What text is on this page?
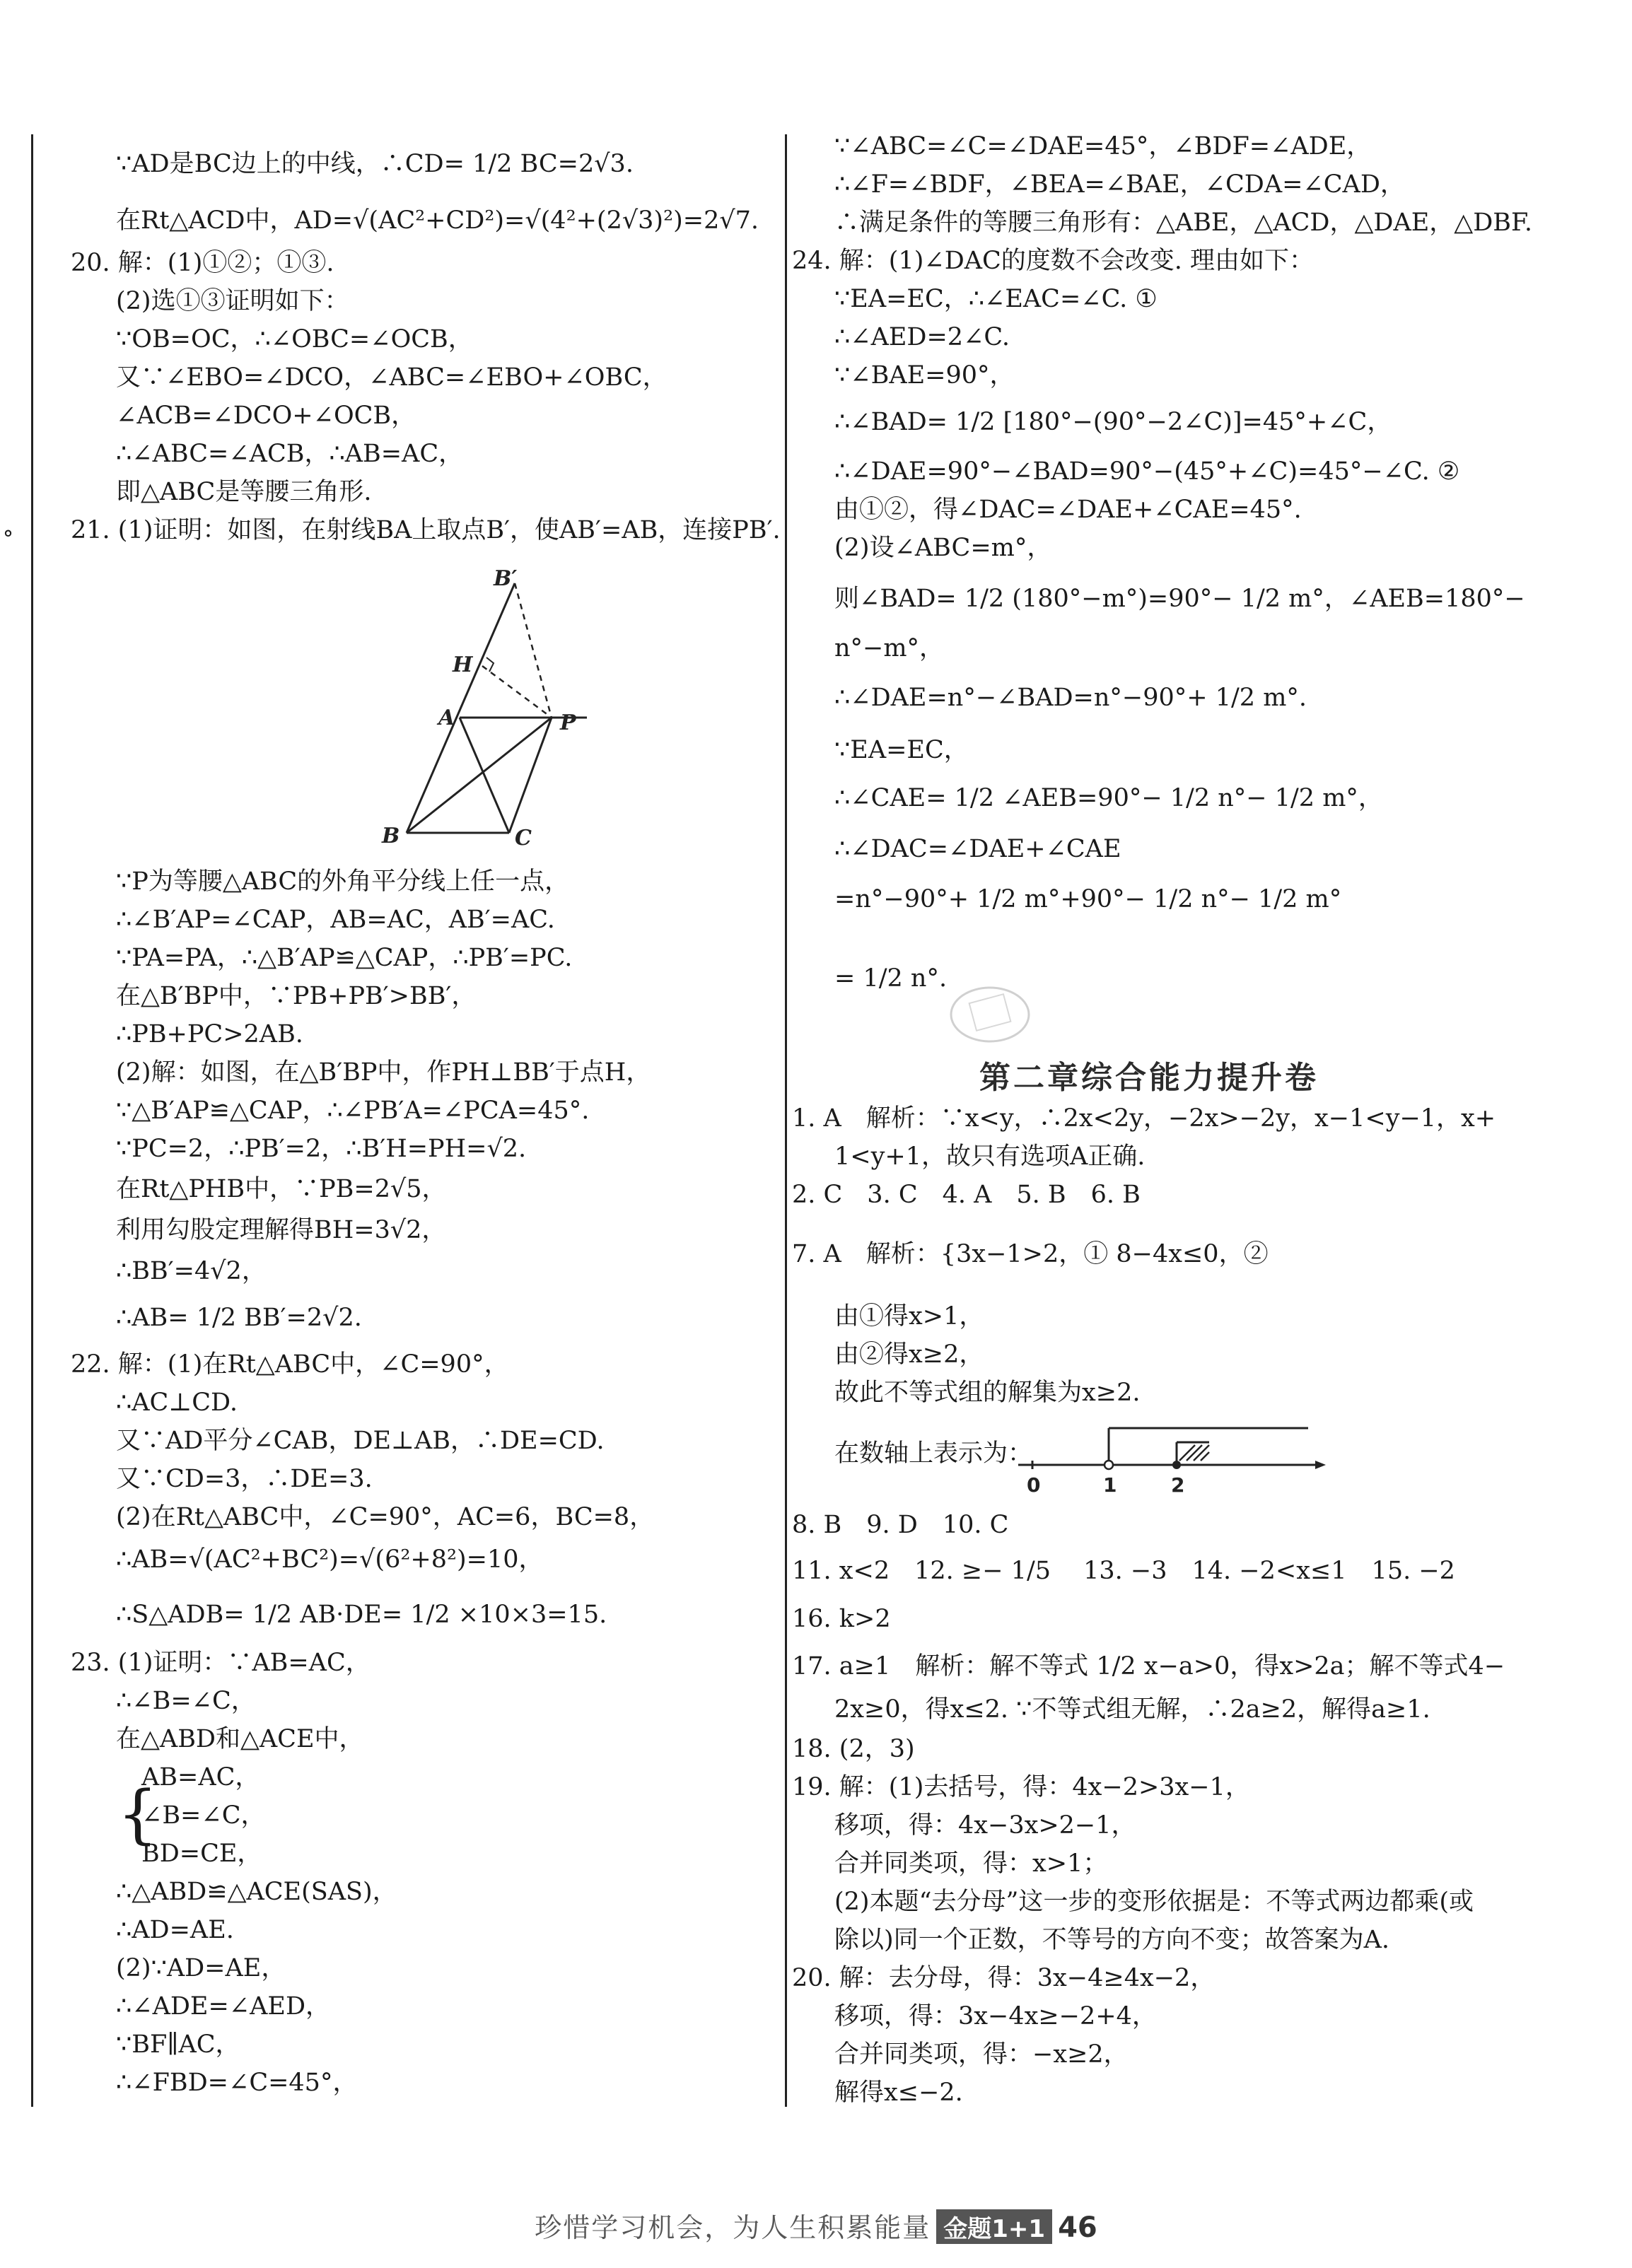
°
∵AD是BC边上的中线，∴CD= 1/2 BC=2√3.
在Rt△ACD中，AD=√(AC²+CD²)=√(4²+(2√3)²)=2√7.
20. 解：(1)①②；①③.
(2)选①③证明如下：
∵OB=OC，∴∠OBC=∠OCB，
又∵∠EBO=∠DCO，∠ABC=∠EBO+∠OBC，
∠ACB=∠DCO+∠OCB，
∴∠ABC=∠ACB，∴AB=AC，
即△ABC是等腰三角形.
21. (1)证明：如图，在射线BA上取点B′，使AB′=AB，连接PB′.
B′
H
A	P
B	C
∵P为等腰△ABC的外角平分线上任一点，
∴∠B′AP=∠CAP，AB=AC，AB′=AC.
∵PA=PA，∴△B′AP≌△CAP，∴PB′=PC.
在△B′BP中，∵PB+PB′>BB′，
∴PB+PC>2AB.
(2)解：如图，在△B′BP中，作PH⊥BB′于点H，
∵△B′AP≌△CAP，∴∠PB′A=∠PCA=45°.
∵PC=2，∴PB′=2，∴B′H=PH=√2.
在Rt△PHB中，∵PB=2√5，
利用勾股定理解得BH=3√2，
∴BB′=4√2，
∴AB= 1/2 BB′=2√2.
22. 解：(1)在Rt△ABC中，∠C=90°，
∴AC⊥CD.
又∵AD平分∠CAB，DE⊥AB，∴DE=CD.
又∵CD=3，∴DE=3.
(2)在Rt△ABC中，∠C=90°，AC=6，BC=8，
∴AB=√(AC²+BC²)=√(6²+8²)=10，
∴S△ADB= 1/2 AB·DE= 1/2 ×10×3=15.
23. (1)证明：∵AB=AC，
∴∠B=∠C，
在△ABD和△ACE中，
{
AB=AC，
∠B=∠C，
BD=CE，
∴△ABD≌△ACE(SAS)，
∴AD=AE.
(2)∵AD=AE，
∴∠ADE=∠AED，
∵BF∥AC，
∴∠FBD=∠C=45°，
∵∠ABC=∠C=∠DAE=45°，∠BDF=∠ADE，
∴∠F=∠BDF，∠BEA=∠BAE，∠CDA=∠CAD，
∴满足条件的等腰三角形有：△ABE，△ACD，△DAE，△DBF.
24. 解：(1)∠DAC的度数不会改变. 理由如下：
∵EA=EC，∴∠EAC=∠C. ①
∴∠AED=2∠C.
∵∠BAE=90°，
∴∠BAD= 1/2 [180°−(90°−2∠C)]=45°+∠C，
∴∠DAE=90°−∠BAD=90°−(45°+∠C)=45°−∠C. ②
由①②，得∠DAC=∠DAE+∠CAE=45°.
(2)设∠ABC=m°，
则∠BAD= 1/2 (180°−m°)=90°− 1/2 m°，∠AEB=180°−
n°−m°，
∴∠DAE=n°−∠BAD=n°−90°+ 1/2 m°.
∵EA=EC，
∴∠CAE= 1/2 ∠AEB=90°− 1/2 n°− 1/2 m°，
∴∠DAC=∠DAE+∠CAE
=n°−90°+ 1/2 m°+90°− 1/2 n°− 1/2 m°
= 1/2 n°.
第二章综合能力提升卷
1. A　解析：∵x<y，∴2x<2y，−2x>−2y，x−1<y−1，x+
1<y+1，故只有选项A正确.
2. C　3. C　4. A　5. B　6. B
7. A　解析：{3x−1>2，① 8−4x≤0，②
由①得x>1，
由②得x≥2，
故此不等式组的解集为x≥2.
在数轴上表示为：
0	1	2
8. B　9. D　10. C
11. x<2　12. ≥− 1/5 　13. −3　14. −2<x≤1　15. −2
16. k>2
17. a≥1　解析：解不等式 1/2 x−a>0，得x>2a；解不等式4−
2x≥0，得x≤2. ∵不等式组无解，∴2a≥2，解得a≥1.
18. (2，3)
19. 解：(1)去括号，得：4x−2>3x−1，
移项，得：4x−3x>2−1，
合并同类项，得：x>1；
(2)本题“去分母”这一步的变形依据是：不等式两边都乘(或
除以)同一个正数，不等号的方向不变；故答案为A.
20. 解：去分母，得：3x−4≥4x−2，
移项，得：3x−4x≥−2+4，
合并同类项，得：−x≥2，
解得x≤−2.
珍惜学习机会，为人生积累能量 金题1+1 46
